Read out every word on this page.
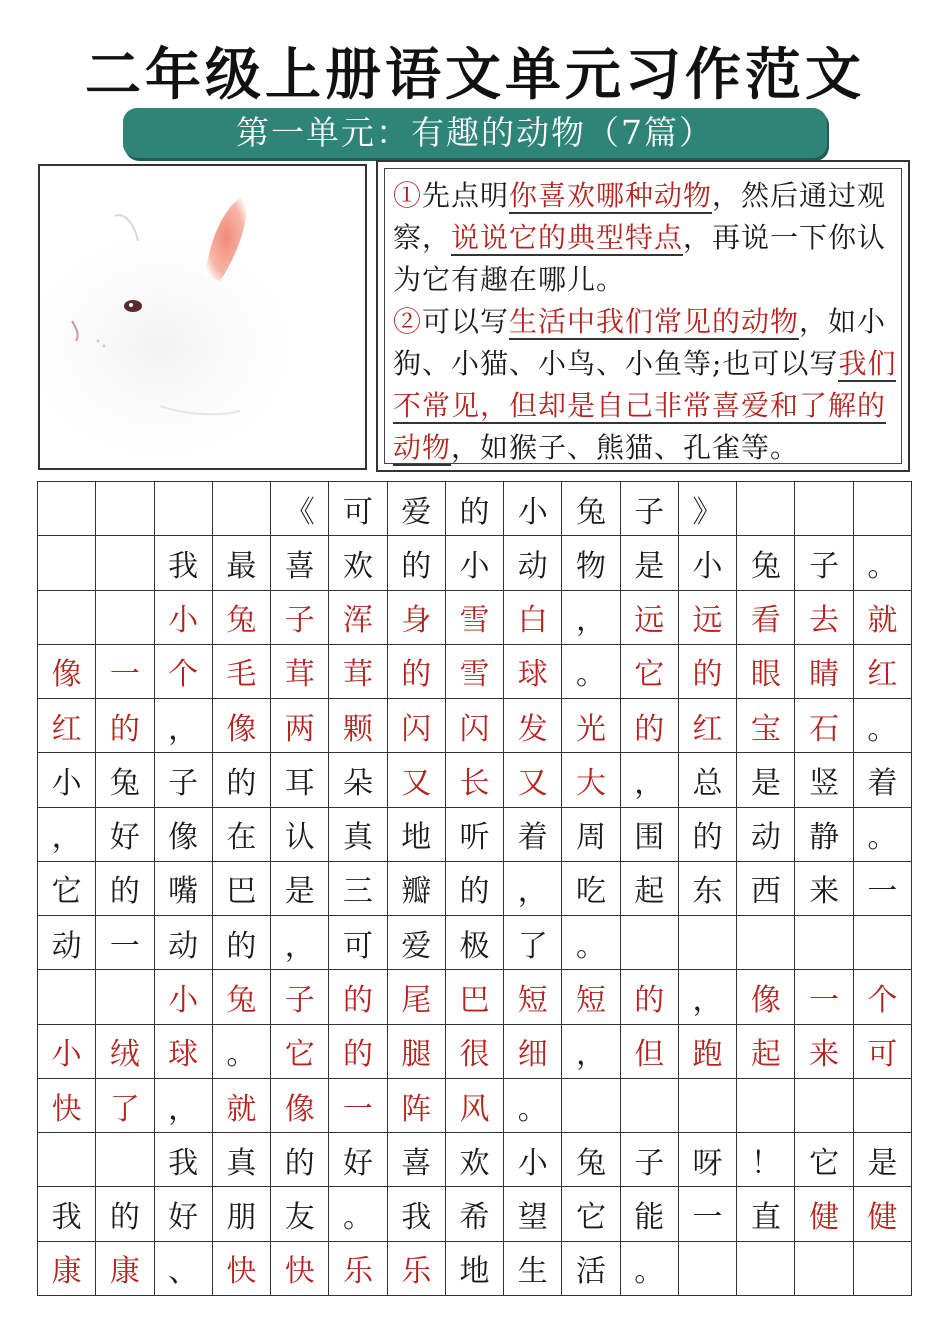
二年级上册语文单元习作范文
第一单元：有趣的动物（7篇）
①先点明你喜欢哪种动物，然后通过观察，说说它的典型特点，再说一下你认为它有趣在哪儿。
②可以写生活中我们常见的动物，如小狗、小猫、小鸟、小鱼等;也可以写我们不常见，但却是自己非常喜爱和了解的动物，如猴子、熊猫、孔雀等。
《 可 爱 的 小 兔 子 》
我 最 喜 欢 的 小 动 物 是 小 兔 子 。
小 兔 子 浑 身 雪 白 ， 远 远 看 去 就
像 一 个 毛 茸 茸 的 雪 球 。 它 的 眼 睛 红
红 的 ， 像 两 颗 闪 闪 发 光 的 红 宝 石 。
小 兔 子 的 耳 朵 又 长 又 大 ， 总 是 竖 着
， 好 像 在 认 真 地 听 着 周 围 的 动 静 。
它 的 嘴 巴 是 三 瓣 的 ， 吃 起 东 西 来 一
动 一 动 的 ， 可 爱 极 了 。
小 兔 子 的 尾 巴 短 短 的 ， 像 一 个
小 绒 球 。 它 的 腿 很 细 ， 但 跑 起 来 可
快 了 ， 就 像 一 阵 风 。
我 真 的 好 喜 欢 小 兔 子 呀 ！ 它 是
我 的 好 朋 友 。 我 希 望 它 能 一 直 健 健
康 康 、 快 快 乐 乐 地 生 活 。
